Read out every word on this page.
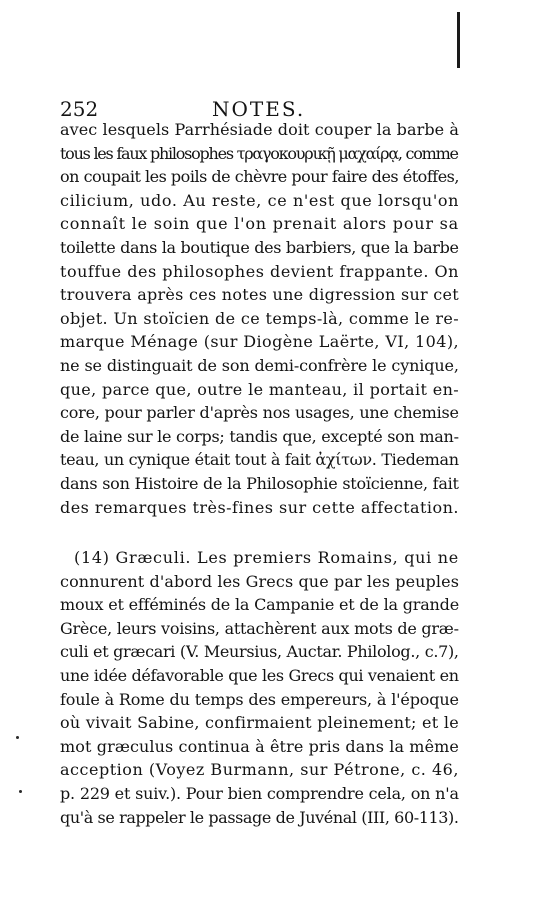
252	NOTES.
avec lesquels Parrhésiade doit couper la barbe à
tous les faux philosophes τραγοκουρικῇ μαχαίρᾳ, comme
on coupait les poils de chèvre pour faire des étoffes,
cilicium, udo. Au reste, ce n'est que lorsqu'on
connaît le soin que l'on prenait alors pour sa
toilette dans la boutique des barbiers, que la barbe
touffue des philosophes devient frappante. On
trouvera après ces notes une digression sur cet
objet. Un stoïcien de ce temps-là, comme le re-
marque Ménage (sur Diogène Laërte, VI, 104),
ne se distinguait de son demi-confrère le cynique,
que, parce que, outre le manteau, il portait en-
core, pour parler d'après nos usages, une chemise
de laine sur le corps; tandis que, excepté son man-
teau, un cynique était tout à fait ἀχίτων. Tiedeman
dans son Histoire de la Philosophie stoïcienne, fait
des remarques très-fines sur cette affectation.
(14) Græculi. Les premiers Romains, qui ne
connurent d'abord les Grecs que par les peuples
moux et efféminés de la Campanie et de la grande
Grèce, leurs voisins, attachèrent aux mots de græ-
culi et græcari (V. Meursius, Auctar. Philolog., c.7),
une idée défavorable que les Grecs qui venaient en
foule à Rome du temps des empereurs, à l'époque
où vivait Sabine, confirmaient pleinement; et le
mot græculus continua à être pris dans la même
acception (Voyez Burmann, sur Pétrone, c. 46,
p. 229 et suiv.). Pour bien comprendre cela, on n'a
qu'à se rappeler le passage de Juvénal (III, 60-113).
